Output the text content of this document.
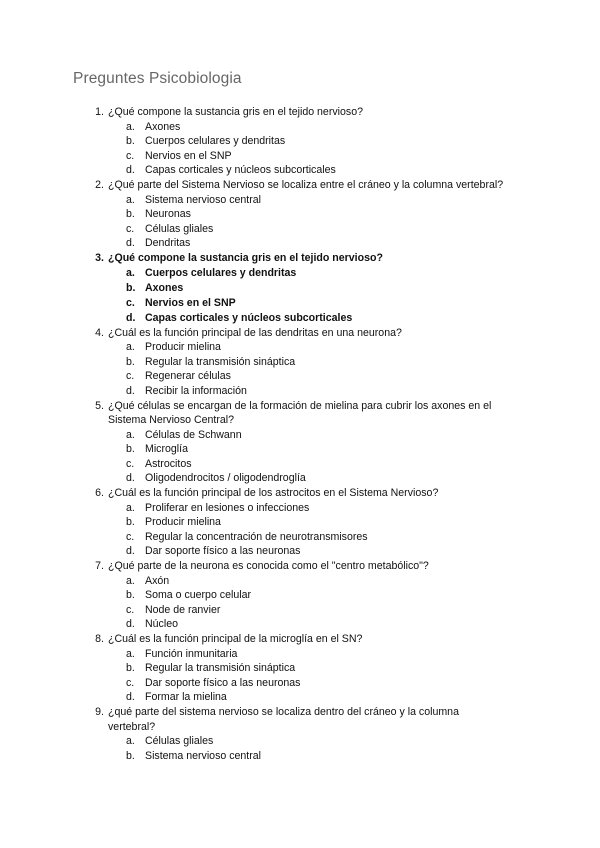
Preguntes Psicobiologia
1. ¿Qué compone la sustancia gris en el tejido nervioso?
a. Axones
b. Cuerpos celulares y dendritas
c. Nervios en el SNP
d. Capas corticales y núcleos subcorticales
2. ¿Qué parte del Sistema Nervioso se localiza entre el cráneo y la columna vertebral?
a. Sistema nervioso central
b. Neuronas
c. Células gliales
d. Dendritas
3. ¿Qué compone la sustancia gris en el tejido nervioso?
a. Cuerpos celulares y dendritas
b. Axones
c. Nervios en el SNP
d. Capas corticales y núcleos subcorticales
4. ¿Cuál es la función principal de las dendritas en una neurona?
a. Producir mielina
b. Regular la transmisión sináptica
c. Regenerar células
d. Recibir la información
5. ¿Qué células se encargan de la formación de mielina para cubrir los axones en el
Sistema Nervioso Central?
a. Células de Schwann
b. Microglía
c. Astrocitos
d. Oligodendrocitos / oligodendroglía
6. ¿Cuál es la función principal de los astrocitos en el Sistema Nervioso?
a. Proliferar en lesiones o infecciones
b. Producir mielina
c. Regular la concentración de neurotransmisores
d. Dar soporte físico a las neuronas
7. ¿Qué parte de la neurona es conocida como el "centro metabólico"?
a. Axón
b. Soma o cuerpo celular
c. Node de ranvier
d. Núcleo
8. ¿Cuál es la función principal de la microglía en el SN?
a. Función inmunitaria
b. Regular la transmisión sináptica
c. Dar soporte físico a las neuronas
d. Formar la mielina
9. ¿qué parte del sistema nervioso se localiza dentro del cráneo y la columna
vertebral?
a. Células gliales
b. Sistema nervioso central
